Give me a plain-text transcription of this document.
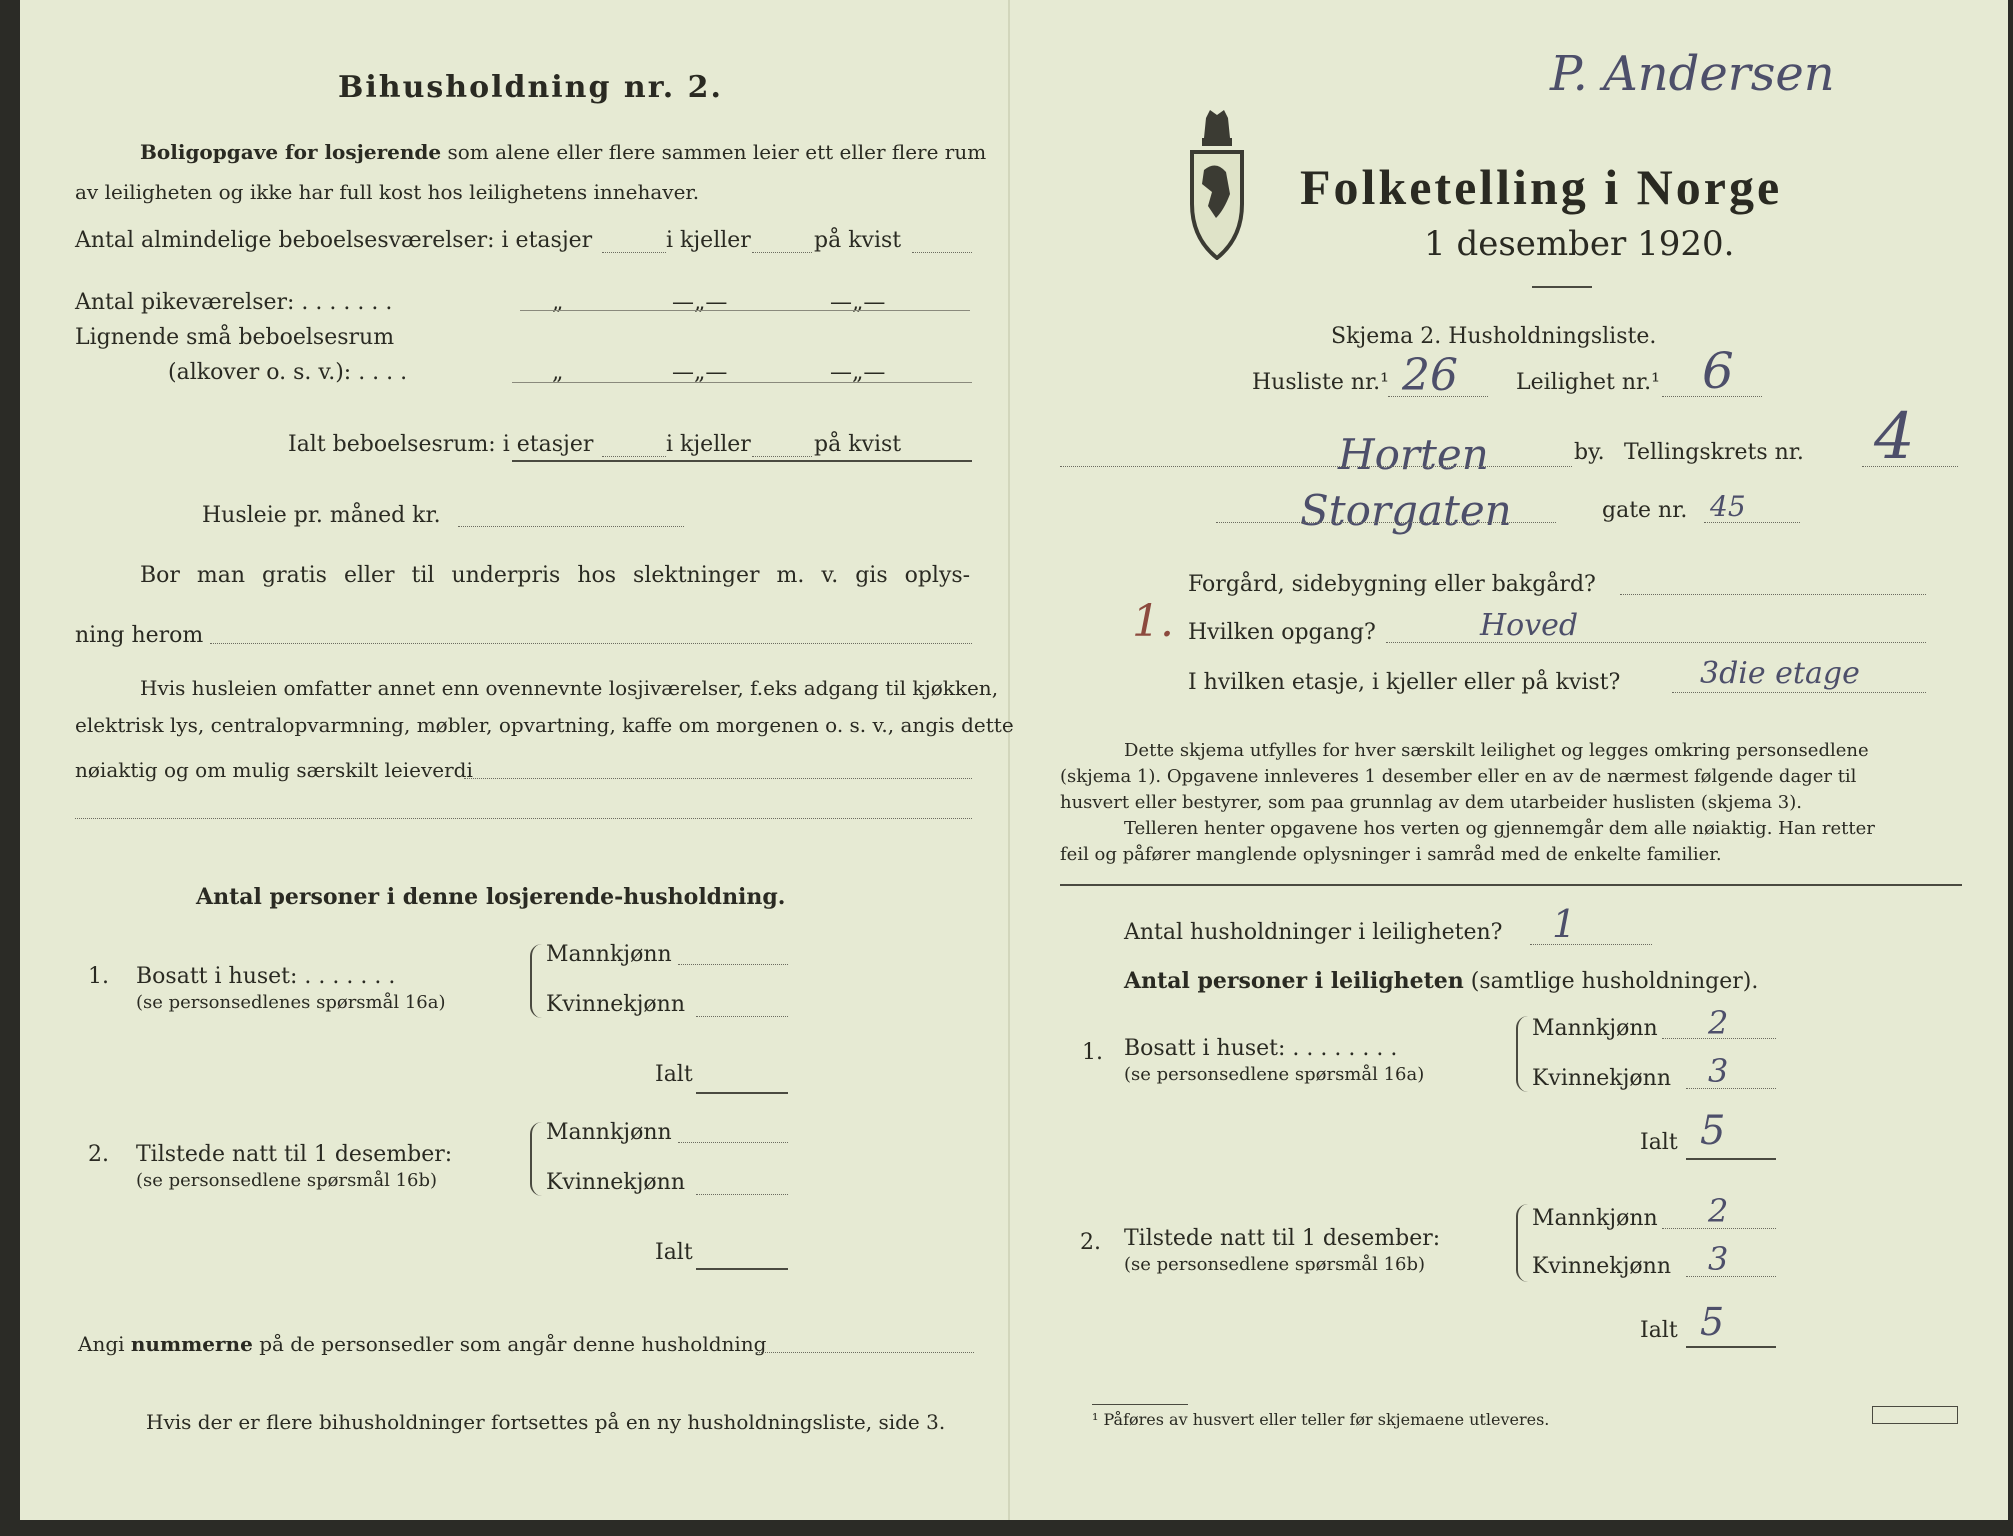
Bihusholdning nr. 2.
Boligopgave for losjerende som alene eller flere sammen leier ett eller flere rum
av leiligheten og ikke har full kost hos leilighetens innehaver.
Antal almindelige beboelsesværelser: i etasjer	i kjeller	på kvist
Antal pikeværelser: . . . . . . .	„	—„—	—„—
Lignende små beboelsesrum
(alkover o. s. v.): . . . .	„	—„—	—„—
Ialt beboelsesrum: i etasjer	i kjeller	på kvist
Husleie pr. måned kr.
Bor man gratis eller til underpris hos slektninger m. v. gis oplys-
ning herom
Hvis husleien omfatter annet enn ovennevnte losjiværelser, f.eks adgang til kjøkken,
elektrisk lys, centralopvarmning, møbler, opvartning, kaffe om morgenen o. s. v., angis dette
nøiaktig og om mulig særskilt leieverdi
Antal personer i denne losjerende-husholdning.
1. Bosatt i huset: . . . . . . .
(se personsedlenes spørsmål 16a)
Mannkjønn
Kvinnekjønn
Ialt
2. Tilstede natt til 1 desember:
(se personsedlene spørsmål 16b)
Mannkjønn
Kvinnekjønn
Ialt
Angi nummerne på de personsedler som angår denne husholdning
Hvis der er flere bihusholdninger fortsettes på en ny husholdningsliste, side 3.
P. Andersen
Folketelling i Norge
1 desember 1920.
Skjema 2. Husholdningsliste.
Husliste nr.¹ 26	Leilighet nr.¹ 6
Horten	by. Tellingskrets nr. 4
Storgaten	gate nr. 45
1.
Forgård, sidebygning eller bakgård?
Hvilken opgang?	Hoved
I hvilken etasje, i kjeller eller på kvist?	3die etage
Dette skjema utfylles for hver særskilt leilighet og legges omkring personsedlene
(skjema 1). Opgavene innleveres 1 desember eller en av de nærmest følgende dager til
husvert eller bestyrer, som paa grunnlag av dem utarbeider huslisten (skjema 3).
Telleren henter opgavene hos verten og gjennemgår dem alle nøiaktig. Han retter
feil og påfører manglende oplysninger i samråd med de enkelte familier.
Antal husholdninger i leiligheten? 1
Antal personer i leiligheten (samtlige husholdninger).
1. Bosatt i huset: . . . . . . . .
(se personsedlene spørsmål 16a)
Mannkjønn 2
Kvinnekjønn 3
Ialt 5
2. Tilstede natt til 1 desember:
(se personsedlene spørsmål 16b)
Mannkjønn 2
Kvinnekjønn 3
Ialt 5
¹ Påføres av husvert eller teller før skjemaene utleveres.
